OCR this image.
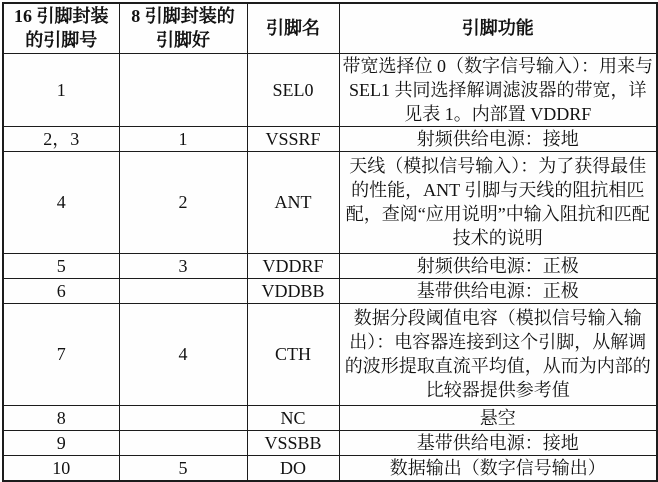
16 引脚封装的引脚号	8 引脚封装的引脚好	引脚名	引脚功能
1		SEL0	带宽选择位 0（数字信号输入）：用来与 SEL1 共同选择解调滤波器的带宽，详见表 1。内部置 VDDRF
2，3	1	VSSRF	射频供给电源：接地
4	2	ANT	天线（模拟信号输入）：为了获得最佳的性能，ANT 引脚与天线的阻抗相匹配，查阅“应用说明”中输入阻抗和匹配技术的说明
5	3	VDDRF	射频供给电源：正极
6		VDDBB	基带供给电源：正极
7	4	CTH	数据分段阈值电容（模拟信号输入输出）：电容器连接到这个引脚，从解调的波形提取直流平均值，从而为内部的比较器提供参考值
8		NC	悬空
9		VSSBB	基带供给电源：接地
10	5	DO	数据输出（数字信号输出）
